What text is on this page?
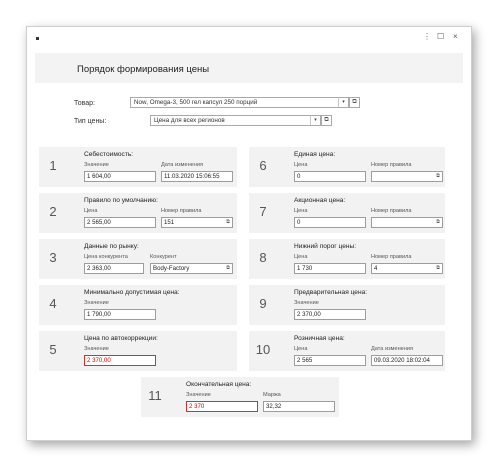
⋮ ☐ ×
Порядок формирования цены
Товар:	Now, Omega-3, 500 гел капсул 250 порций	▾	⧉
Тип цены:	Цена для всех регионов	▾	⧉
1
Себестоимость:
Значение
1 604,00
Дата изменения
11.03.2020 15:06:55
2
Правило по умолчанию:
Цена
2 565,00
Номер правила
151	⧉
3
Данные по рынку:
Цена конкурента
2 363,00
Конкурент
Body-Factory	⧉
4
Минимально допустимая цена:
Значение
1 790,00
5
Цена по автокоррекции:
Значение
2 370,00
6
Единая цена:
Цена
0
Номер правила
⧉
7
Акционная цена:
Цена
0
Номер правила
⧉
8
Нижний порог цены:
Цена
1 730
Номер правила
4	⧉
9
Предварительная цена:
Значение
2 370,00
10
Розничная цена:
Цена
2 565
Дата изменения
09.03.2020 18:02:04
11
Окончательная цена:
Значение
2 370
Маржа
32,32
